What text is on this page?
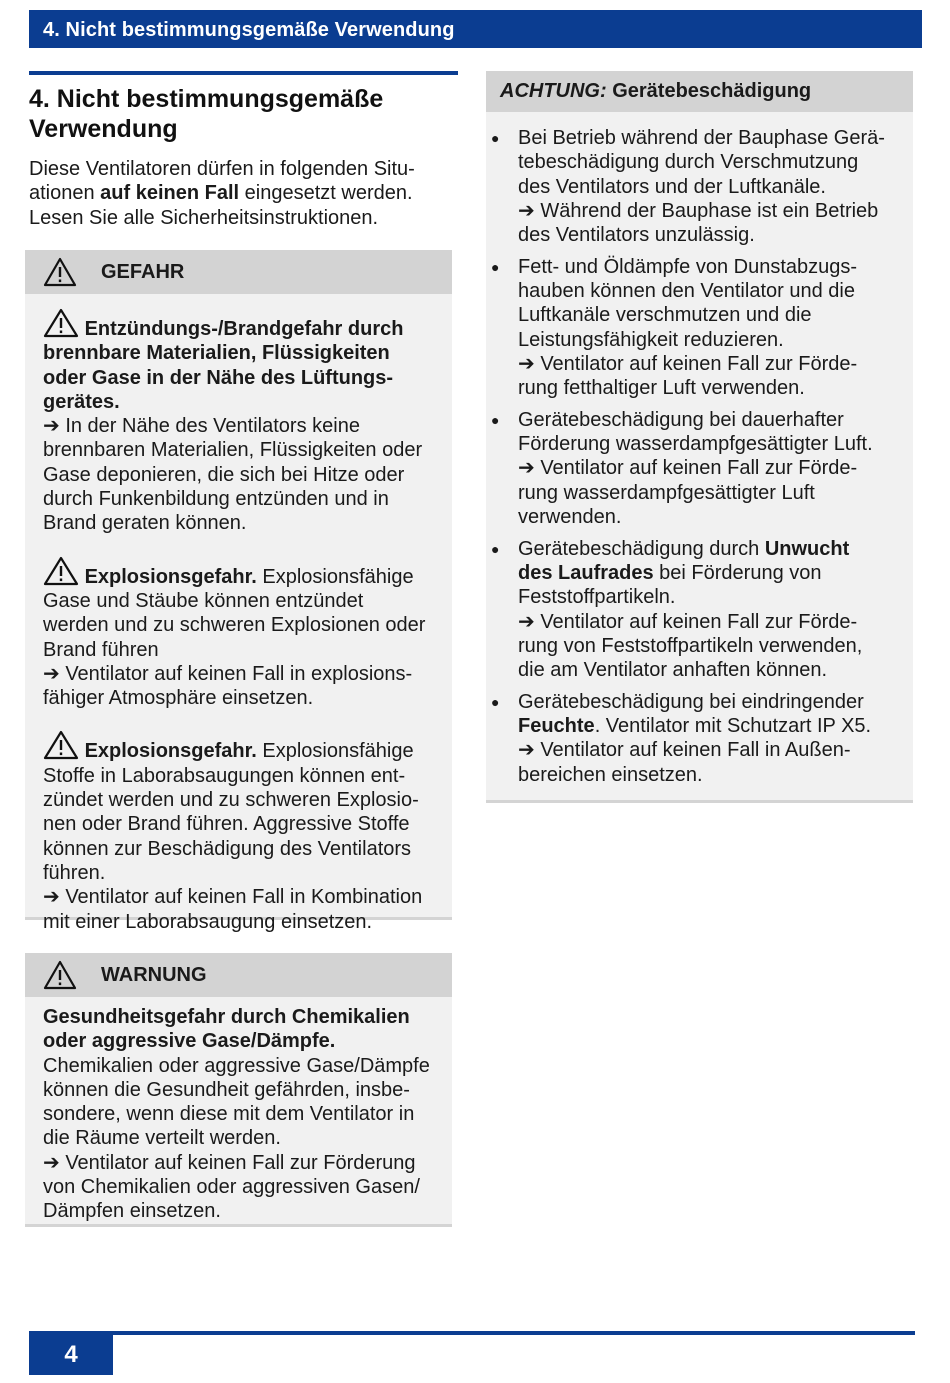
4. Nicht bestimmungsgemäße Verwendung
4. Nicht bestimmungsgemäße
Verwendung
Diese Ventilatoren dürfen in folgenden Situ-
ationen auf keinen Fall eingesetzt werden.
Lesen Sie alle Sicherheitsinstruktionen.
GEFAHR

Entzündungs-/Brandgefahr durch

brennbare Materialien, Flüssigkeiten

oder Gase in der Nähe des Lüftungs-

gerätes.

➔ In der Nähe des Ventilators keine

brennbaren Materialien, Flüssigkeiten oder

Gase deponieren, die sich bei Hitze oder

durch Funkenbildung entzünden und in

Brand geraten können.

Explosionsgefahr. Explosionsfähige

Gase und Stäube können entzündet

werden und zu schweren Explosionen oder

Brand führen

➔ Ventilator auf keinen Fall in explosions-

fähiger Atmosphäre einsetzen.

Explosionsgefahr. Explosionsfähige

Stoffe in Laborabsaugungen können ent-

zündet werden und zu schweren Explosio-

nen oder Brand führen. Aggressive Stoffe

können zur Beschädigung des Ventilators

führen.

➔ Ventilator auf keinen Fall in Kombination

mit einer Laborabsaugung einsetzen.

WARNUNG

Gesundheitsgefahr durch Chemikalien

oder aggressive Gase/Dämpfe.

Chemikalien oder aggressive Gase/Dämpfe

können die Gesundheit gefährden, insbe-

sondere, wenn diese mit dem Ventilator in

die Räume verteilt werden.

➔ Ventilator auf keinen Fall zur Förderung

von Chemikalien oder aggressiven Gasen/

Dämpfen einsetzen.

ACHTUNG: Gerätebeschädigung

● Bei Betrieb während der Bauphase Gerä-

tebeschädigung durch Verschmutzung

des Ventilators und der Luftkanäle.

➔ Während der Bauphase ist ein Betrieb

des Ventilators unzulässig.

● Fett- und Öldämpfe von Dunstabzugs-

hauben können den Ventilator und die

Luftkanäle verschmutzen und die

Leistungsfähigkeit reduzieren.

➔ Ventilator auf keinen Fall zur Förde-

rung fetthaltiger Luft verwenden.

● Gerätebeschädigung bei dauerhafter

Förderung wasserdampfgesättigter Luft.

➔ Ventilator auf keinen Fall zur Förde-

rung wasserdampfgesättigter Luft

verwenden.

● Gerätebeschädigung durch Unwucht

des Laufrades bei Förderung von

Feststoffpartikeln.

➔ Ventilator auf keinen Fall zur Förde-

rung von Feststoffpartikeln verwenden,

die am Ventilator anhaften können.

● Gerätebeschädigung bei eindringender

Feuchte. Ventilator mit Schutzart IP X5.

➔ Ventilator auf keinen Fall in Außen-

bereichen einsetzen.

4
